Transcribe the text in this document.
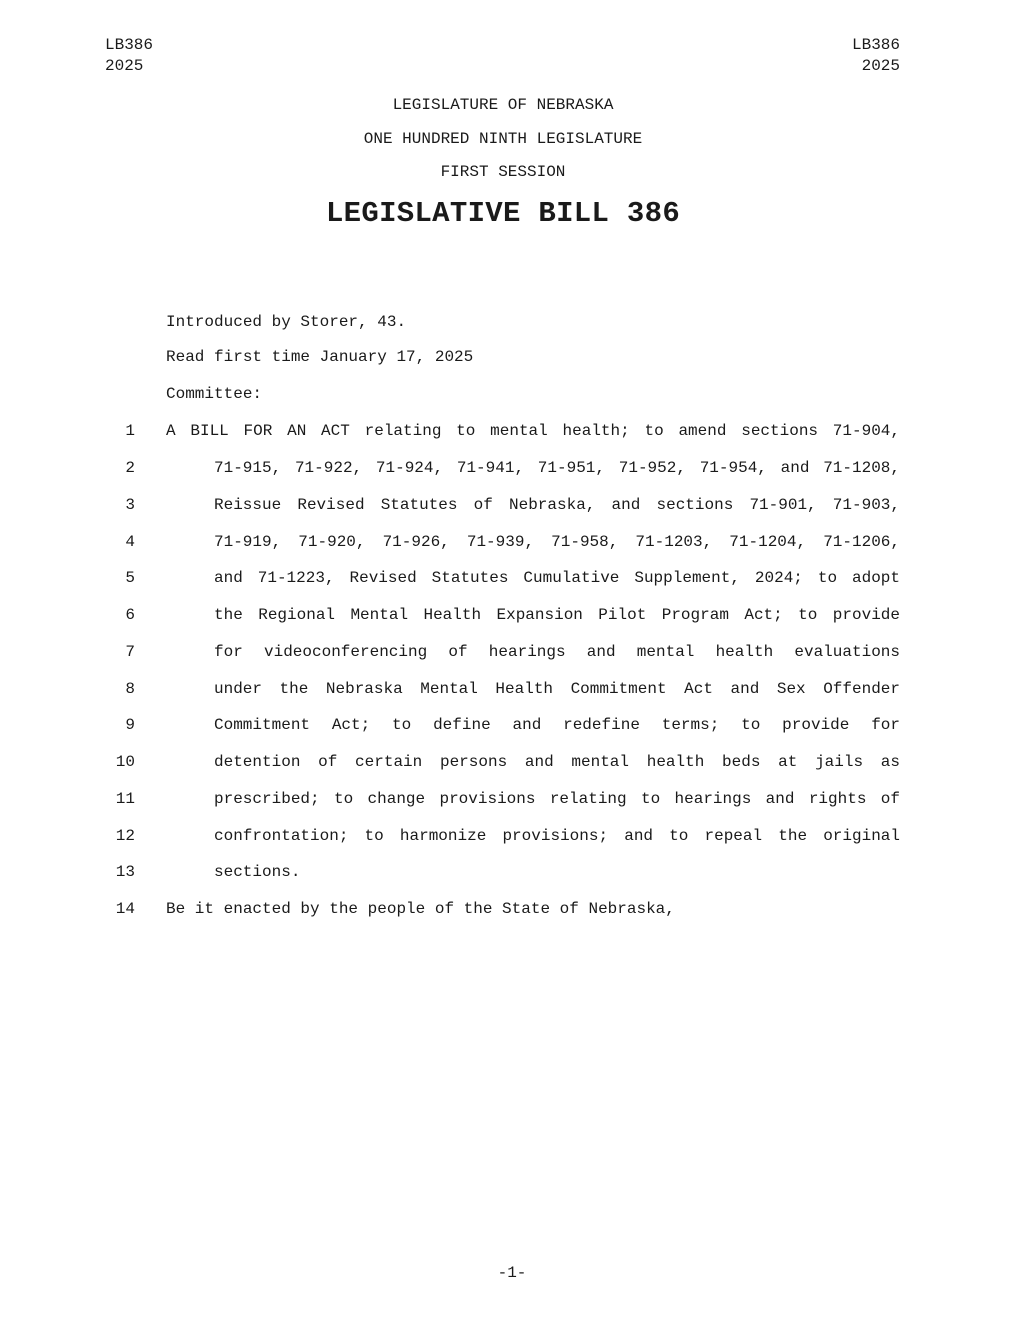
LB386
2025
LB386
2025
LEGISLATURE OF NEBRASKA
ONE HUNDRED NINTH LEGISLATURE
FIRST SESSION
LEGISLATIVE BILL 386
Introduced by Storer, 43.
Read first time January 17, 2025
Committee:
1 A BILL FOR AN ACT relating to mental health; to amend sections 71-904,
2	71-915, 71-922, 71-924, 71-941, 71-951, 71-952, 71-954, and 71-1208,
3	Reissue Revised Statutes of Nebraska, and sections 71-901, 71-903,
4	71-919, 71-920, 71-926, 71-939, 71-958, 71-1203, 71-1204, 71-1206,
5	and 71-1223, Revised Statutes Cumulative Supplement, 2024; to adopt
6	the Regional Mental Health Expansion Pilot Program Act; to provide
7	for videoconferencing of hearings and mental health evaluations
8	under the Nebraska Mental Health Commitment Act and Sex Offender
9	Commitment Act; to define and redefine terms; to provide for
10	detention of certain persons and mental health beds at jails as
11	prescribed; to change provisions relating to hearings and rights of
12	confrontation; to harmonize provisions; and to repeal the original
13	sections.
14 Be it enacted by the people of the State of Nebraska,
-1-
